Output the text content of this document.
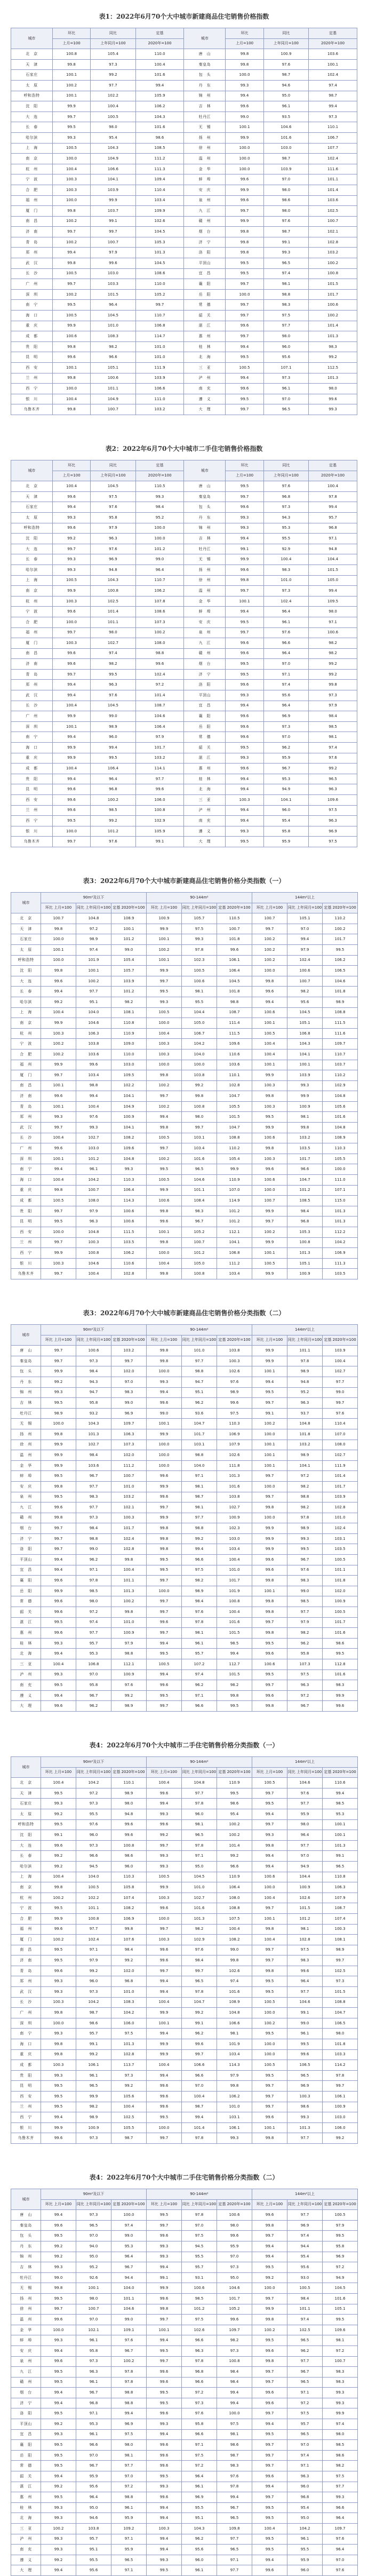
表1：2022年6月70个大中城市新建商品住宅销售价格指数
城市	环比	同比	定基	城市	环比	同比	定基
	上月=100	上年同月=100	2020年=100		上月=100	上年同月=100	2020年=100
北　京	100.8	105.4	110.0	唐　山	99.8	100.9	103.6
天　津	99.8	97.3	100.4	秦皇岛	99.8	97.6	100.1
石家庄	100.1	99.2	101.6	包　头	100.0	98.7	102.4
太　原	100.2	97.7	99.4	丹　东	99.3	94.6	97.4
呼和浩特	100.1	102.2	105.9	锦　州	99.4	95.0	98.7
沈　阳	99.9	100.4	106.2	吉　林	99.6	96.1	99.4
大　连	99.7	100.5	104.3	牡丹江	99.0	93.5	97.3
长　春	99.5	98.0	101.6	无　锡	100.1	104.6	110.1
哈尔滨	99.3	95.4	98.6	扬　州	99.9	101.6	106.7
上　海	100.5	104.3	108.5	徐　州	100.0	103.0	107.7
南　京	100.0	104.9	111.2	温　州	100.0	98.7	102.4
杭　州	100.4	106.6	111.3	金　华	100.0	103.9	111.6
宁　波	100.3	104.1	109.4	蚌　埠	99.6	97.0	101.1
合　肥	100.3	103.9	110.4	安　庆	99.9	98.0	101.4
福　州	100.0	99.9	103.4	泉　州	99.6	98.6	103.6
厦　门	99.8	103.7	109.9	九　江	99.7	98.0	102.5
南　昌	100.2	99.1	102.6	赣　州	99.9	97.6	100.7
济　南	99.7	99.7	104.5	烟　台	99.8	98.7	102.1
青　岛	100.2	100.7	105.3	济　宁	99.8	99.1	102.8
郑　州	99.4	97.9	101.3	洛　阳	99.8	99.3	103.2
武　汉	99.8	99.6	104.5	平顶山	99.5	96.5	100.2
长　沙	100.5	103.0	108.6	宜　昌	99.5	97.4	100.8
广　州	99.7	103.3	110.0	襄　阳	99.7	98.1	101.5
深　圳	100.2	101.5	105.2	岳　阳	100.0	98.8	101.7
南　宁	99.5	96.4	99.7	常　德	99.7	98.3	100.6
海　口	100.5	104.5	110.7	韶　关	99.7	97.5	100.2
重　庆	99.9	101.0	106.8	湛　江	99.6	97.7	101.4
成　都	100.6	108.3	114.7	惠　州	99.7	98.0	101.3
贵　阳	99.8	98.2	101.0	桂　林	99.4	96.0	98.3
昆　明	99.6	96.6	101.0	北　海	99.5	95.6	99.2
西　安	100.1	105.1	111.9	三　亚	100.5	107.1	112.5
兰　州	99.8	100.6	103.9	泸　州	99.4	97.3	101.3
西　宁	100.0	101.1	106.6	南　充	99.6	96.1	98.0
银　川	100.4	104.9	111.0	遵　义	99.5	97.0	99.6
乌鲁木齐	99.8	100.7	103.2	大　理	99.7	96.5	99.3
表2：2022年6月70个大中城市二手住宅销售价格指数
城市	环比	同比	定基	城市	环比	同比	定基
	上月=100	上年同月=100	2020年=100		上月=100	上年同月=100	2020年=100
北　京	100.4	104.5	110.5	唐　山	99.5	97.6	100.4
天　津	99.6	97.5	99.3	秦皇岛	99.7	96.8	97.8
石家庄	99.4	97.6	98.4	包　头	99.6	97.3	99.4
太　原	99.3	95.8	95.2	丹　东	99.3	94.3	95.7
呼和浩特	99.6	97.9	100.0	锦　州	99.3	95.3	96.8
沈　阳	99.2	96.3	100.0	吉　林	99.4	95.5	97.1
大　连	99.7	97.6	101.2	牡丹江	99.1	92.9	94.8
长　春	99.3	96.9	99.0	无　锡	99.9	100.4	104.4
哈尔滨	99.3	94.8	96.4	扬　州	99.6	98.3	101.5
上　海	100.5	104.3	110.7	徐　州	99.8	101.0	105.0
南　京	99.9	100.8	106.2	温　州	99.7	97.3	99.4
杭　州	100.3	102.5	107.8	金　华	100.1	102.4	109.5
宁　波	99.6	101.4	108.6	蚌　埠	99.4	96.4	98.0
合　肥	100.0	101.1	107.3	安　庆	99.5	96.1	97.1
福　州	99.7	98.0	100.2	泉　州	99.7	97.6	100.6
厦　门	100.3	102.7	108.0	九　江	99.6	96.6	98.2
南　昌	99.6	97.4	98.8	赣　州	99.6	96.4	98.2
济　南	99.6	98.2	99.6	烟　台	99.5	97.0	99.2
青　岛	99.7	99.5	102.4	济　宁	99.5	97.1	99.2
郑　州	99.4	96.3	97.2	洛　阳	99.6	97.4	99.8
武　汉	99.4	97.6	101.4	平顶山	99.3	95.6	97.3
长　沙	100.4	104.5	108.7	宜　昌	99.4	96.4	97.9
广　州	99.9	99.0	104.6	襄　阳	99.6	96.9	98.4
深　圳	100.1	98.9	106.4	岳　阳	99.6	97.3	98.5
南　宁	99.4	96.0	97.9	常　德	99.6	97.0	98.1
海　口	99.9	99.4	101.7	韶　关	99.5	96.2	97.4
重　庆	99.9	99.5	103.2	湛　江	99.3	95.9	97.6
成　都	100.4	106.4	114.1	惠　州	99.6	96.7	99.2
贵　阳	99.4	96.4	97.7	桂　林	99.4	95.3	96.5
昆　明	99.6	96.8	99.6	北　海	99.4	94.9	96.3
西　安	99.6	100.2	106.0	三　亚	100.3	104.1	109.6
兰　州	99.6	98.5	100.8	泸　州	99.4	96.0	97.5
西　宁	99.5	99.2	102.9	南　充	99.4	95.4	96.3
银　川	100.0	101.2	105.9	遵　义	99.3	95.8	96.9
乌鲁木齐	99.7	97.6	99.1	大　理	99.5	95.9	97.5
表3：2022年6月70个大中城市新建商品住宅销售价格分类指数（一）
城市	90m²及以下			90-144m²			144m²以上		
	环比 上月=100	同比 上年同月=100	定基 2020年=100	环比 上月=100	同比 上年同月=100	定基 2020年=100	环比 上月=100	同比 上年同月=100	定基 2020年=100
北　京	100.7	104.8	108.9	100.9	105.7	110.5	100.7	105.1	110.2
天　津	99.8	97.2	100.1	99.9	97.5	100.7	99.7	97.0	100.2
石家庄	100.0	98.9	101.2	100.1	99.3	101.8	100.2	99.4	101.7
太　原	100.1	97.4	99.0	100.2	97.8	99.6	100.2	97.9	99.5
呼和浩特	100.0	101.9	105.4	100.1	102.3	106.1	100.2	102.4	106.2
沈　阳	99.8	100.1	105.7	99.9	100.5	106.4	100.0	100.6	106.5
大　连	99.6	100.2	103.9	99.7	100.6	104.5	99.8	100.7	104.6
长　春	99.4	97.7	101.2	99.5	98.1	101.8	99.6	98.2	101.8
哈尔滨	99.2	95.1	98.2	99.3	95.5	98.8	99.4	95.6	98.9
上　海	100.4	104.0	108.1	100.5	104.4	108.7	100.6	104.5	108.8
南　京	99.9	104.6	110.8	100.0	105.0	111.4	100.1	105.1	111.5
杭　州	100.3	106.3	110.9	100.4	106.7	111.5	100.5	106.8	111.6
宁　波	100.2	103.8	109.0	100.3	104.2	109.6	100.4	104.3	109.7
合　肥	100.2	103.6	110.0	100.3	104.0	110.6	100.4	104.1	110.7
福　州	99.9	99.6	103.0	100.0	100.0	103.6	100.1	100.1	103.7
厦　门	99.7	103.4	109.5	99.8	103.8	110.1	99.9	103.9	110.2
南　昌	100.1	98.8	102.2	100.2	99.2	102.8	100.3	99.3	102.9
济　南	99.6	99.4	104.1	99.7	99.8	104.7	99.8	99.9	104.8
青　岛	100.1	100.4	104.9	100.2	100.8	105.5	100.3	100.9	105.6
郑　州	99.3	97.6	100.9	99.4	98.0	101.5	99.5	98.1	101.6
武　汉	99.7	99.3	104.1	99.8	99.7	104.7	99.9	99.8	104.8
长　沙	100.4	102.7	108.2	100.5	103.1	108.8	100.6	103.2	108.9
广　州	99.6	103.0	109.6	99.7	103.4	110.2	99.8	103.5	110.3
深　圳	100.1	101.2	104.8	100.2	101.6	105.4	100.3	101.7	105.5
南　宁	99.4	96.1	99.3	99.5	96.5	99.9	99.6	96.6	100.0
海　口	100.4	104.2	110.3	100.5	104.6	110.9	100.6	104.7	111.0
重　庆	99.8	100.7	106.4	99.9	101.1	107.0	100.0	101.2	107.1
成　都	100.5	108.0	114.3	100.6	108.4	114.9	100.7	108.5	115.0
贵　阳	99.7	97.9	100.6	99.8	98.3	101.2	99.9	98.4	101.3
昆　明	99.5	96.3	100.6	99.6	96.7	101.2	99.7	96.8	101.3
西　安	100.0	104.8	111.5	100.1	105.2	112.1	100.2	105.3	112.2
兰　州	99.7	100.3	103.5	99.8	100.7	104.1	99.9	100.8	104.2
西　宁	99.9	100.8	106.2	100.0	101.2	106.8	100.1	101.3	106.9
银　川	100.3	104.6	110.6	100.4	105.0	111.2	100.5	105.1	111.3
乌鲁木齐	99.7	100.4	102.8	99.8	100.8	103.4	99.9	100.9	103.5
表3：2022年6月70个大中城市新建商品住宅销售价格分类指数（二）
城市	90m²及以下			90-144m²			144m²以上		
	环比 上月=100	同比 上年同月=100	定基 2020年=100	环比 上月=100	同比 上年同月=100	定基 2020年=100	环比 上月=100	同比 上年同月=100	定基 2020年=100
唐　山	99.7	100.6	103.2	99.8	101.0	103.8	99.9	101.1	103.9
秦皇岛	99.7	97.3	99.7	99.8	97.7	100.3	99.9	97.8	100.4
包　头	99.9	98.4	102.0	100.0	98.8	102.6	100.1	98.9	102.7
丹　东	99.2	94.3	97.0	99.3	94.7	97.6	99.4	94.8	97.7
锦　州	99.3	94.7	98.3	99.4	95.1	98.9	99.5	95.2	99.0
吉　林	99.5	95.8	99.0	99.6	96.2	99.6	99.7	96.3	99.7
牡丹江	98.9	93.2	96.9	99.0	93.6	97.5	99.1	93.7	97.6
无　锡	100.0	104.3	109.7	100.1	104.7	110.3	100.2	104.8	110.4
扬　州	99.8	101.3	106.3	99.9	101.7	106.9	100.0	101.8	107.0
徐　州	99.9	102.7	107.3	100.0	103.1	107.9	100.1	103.2	108.0
温　州	99.9	98.4	102.0	100.0	98.8	102.6	100.1	98.9	102.7
金　华	99.9	103.6	111.2	100.0	104.0	111.8	100.1	104.1	111.9
蚌　埠	99.5	96.7	100.7	99.6	97.1	101.3	99.7	97.2	101.4
安　庆	99.8	97.7	101.0	99.9	98.1	101.6	100.0	98.2	101.7
泉　州	99.5	98.3	103.2	99.6	98.7	103.8	99.7	98.8	103.9
九　江	99.6	97.7	102.1	99.7	98.1	102.7	99.8	98.2	102.8
赣　州	99.8	97.3	100.3	99.9	97.7	100.9	100.0	97.8	101.0
烟　台	99.7	98.4	101.7	99.8	98.8	102.3	99.9	98.9	102.4
济　宁	99.7	98.8	102.4	99.8	99.2	103.0	99.9	99.3	103.1
洛　阳	99.7	99.0	102.8	99.8	99.4	103.4	99.9	99.5	103.5
平顶山	99.4	96.2	99.8	99.5	96.6	100.4	99.6	96.7	100.5
宜　昌	99.4	97.1	100.4	99.5	97.5	101.0	99.6	97.6	101.1
襄　阳	99.6	97.8	101.1	99.7	98.2	101.7	99.8	98.3	101.8
岳　阳	99.9	98.5	101.3	100.0	98.9	101.9	100.1	99.0	102.0
常　德	99.6	98.0	100.2	99.7	98.4	100.8	99.8	98.5	100.9
韶　关	99.6	97.2	99.8	99.7	97.6	100.4	99.8	97.7	100.5
湛　江	99.5	97.4	101.0	99.6	97.8	101.6	99.7	97.9	101.7
惠　州	99.6	97.7	100.9	99.7	98.1	101.5	99.8	98.2	101.6
桂　林	99.3	95.7	97.9	99.4	96.1	98.5	99.5	96.2	98.6
北　海	99.4	95.3	98.8	99.5	95.7	99.4	99.6	95.8	99.5
三　亚	100.4	106.8	112.1	100.5	107.2	112.7	100.6	107.3	112.8
泸　州	99.3	97.0	100.9	99.4	97.4	101.5	99.5	97.5	101.6
南　充	99.5	95.8	97.6	99.6	96.2	98.2	99.7	96.3	98.3
遵　义	99.4	96.7	99.2	99.5	97.1	99.8	99.6	97.2	99.9
大　理	99.6	96.2	98.9	99.7	96.6	99.5	99.8	96.7	99.6
表4：2022年6月70个大中城市二手住宅销售价格分类指数（一）
城市	90m²及以下			90-144m²			144m²以上		
	环比 上月=100	同比 上年同月=100	定基 2020年=100	环比 上月=100	同比 上年同月=100	定基 2020年=100	环比 上月=100	同比 上年同月=100	定基 2020年=100
北　京	100.4	104.2	110.1	100.4	104.8	110.9	100.5	104.6	110.6
天　津	99.5	97.2	98.9	99.6	97.7	99.5	99.7	97.6	99.4
石家庄	99.3	97.3	98.0	99.4	97.8	98.6	99.5	97.7	98.5
太　原	99.2	95.5	94.8	99.3	96.0	95.4	99.4	95.9	95.3
呼和浩特	99.5	97.6	99.6	99.6	98.1	100.2	99.7	98.0	100.1
沈　阳	99.1	96.0	99.6	99.2	96.5	100.2	99.3	96.4	100.1
大　连	99.6	97.3	100.8	99.7	97.8	101.4	99.8	97.7	101.3
长　春	99.2	96.6	98.6	99.3	97.1	99.2	99.4	97.0	99.1
哈尔滨	99.2	94.5	96.0	99.3	95.0	96.6	99.4	94.9	96.5
上　海	100.4	104.0	110.3	100.5	104.5	110.9	100.6	104.4	110.8
南　京	99.8	100.5	105.8	99.9	101.0	106.4	100.0	100.9	106.3
杭　州	100.2	102.2	107.4	100.3	102.7	108.0	100.4	102.6	107.9
宁　波	99.5	101.1	108.2	99.6	101.6	108.8	99.7	101.5	108.7
合　肥	99.9	100.8	106.9	100.0	101.3	107.5	100.1	101.2	107.4
福　州	99.6	97.7	99.8	99.7	98.2	100.4	99.8	98.1	100.3
厦　门	100.2	102.4	107.6	100.3	102.9	108.2	100.4	102.8	108.1
南　昌	99.5	97.1	98.4	99.6	97.6	99.0	99.7	97.5	98.9
济　南	99.5	97.9	99.2	99.6	98.4	99.8	99.7	98.3	99.7
青　岛	99.6	99.2	102.0	99.7	99.7	102.6	99.8	99.6	102.5
郑　州	99.3	96.0	96.8	99.4	96.5	97.4	99.5	96.4	97.3
武　汉	99.3	97.3	101.0	99.4	97.8	101.6	99.5	97.7	101.5
长　沙	100.3	104.2	108.3	100.4	104.7	108.9	100.5	104.6	108.8
广　州	99.8	98.7	104.2	99.9	99.2	104.8	100.0	99.1	104.7
深　圳	100.0	98.6	106.0	100.1	99.1	106.6	100.2	99.0	106.5
南　宁	99.3	95.7	97.5	99.4	96.2	98.1	99.5	96.1	98.0
海　口	99.8	99.1	101.3	99.9	99.6	101.9	100.0	99.5	101.8
重　庆	99.8	99.2	102.8	99.9	99.7	103.4	100.0	99.6	103.3
成　都	100.3	106.1	113.7	100.4	106.6	114.3	100.5	106.5	114.2
贵　阳	99.3	96.1	97.3	99.4	96.6	97.9	99.5	96.5	97.8
昆　明	99.5	96.5	99.2	99.6	97.0	99.8	99.7	96.9	99.7
西　安	99.5	99.9	105.6	99.6	100.4	106.2	99.7	100.3	106.1
兰　州	99.5	98.2	100.4	99.6	98.7	101.0	99.7	98.6	100.9
西　宁	99.4	98.9	102.5	99.5	99.4	103.1	99.6	99.3	103.0
银　川	99.9	100.9	105.5	100.0	101.4	106.1	100.1	101.3	106.0
乌鲁木齐	99.6	97.3	98.7	99.7	97.8	99.3	99.8	97.7	99.2
表4：2022年6月70个大中城市二手住宅销售价格分类指数（二）
城市	90m²及以下			90-144m²			144m²以上		
	环比 上月=100	同比 上年同月=100	定基 2020年=100	环比 上月=100	同比 上年同月=100	定基 2020年=100	环比 上月=100	同比 上年同月=100	定基 2020年=100
唐　山	99.4	97.3	100.0	99.5	97.8	100.6	99.6	97.7	100.5
秦皇岛	99.6	96.5	97.4	99.7	97.0	98.0	99.8	96.9	97.9
包　头	99.5	97.0	99.0	99.6	97.5	99.6	99.7	97.4	99.5
丹　东	99.2	94.0	95.3	99.3	94.5	95.9	99.4	94.4	95.8
锦　州	99.2	95.0	96.4	99.3	95.5	97.0	99.4	95.4	96.9
吉　林	99.3	95.2	96.7	99.4	95.7	97.3	99.5	95.6	97.2
牡丹江	99.0	92.6	94.4	99.1	93.1	95.0	99.2	93.0	94.9
无　锡	99.8	100.1	104.0	99.9	100.6	104.6	100.0	100.5	104.5
扬　州	99.5	98.0	101.1	99.6	98.5	101.7	99.7	98.4	101.6
徐　州	99.7	100.7	104.6	99.8	101.2	105.2	99.9	101.1	105.1
温　州	99.6	97.0	99.0	99.7	97.5	99.6	99.8	97.4	99.5
金　华	100.0	102.1	109.1	100.1	102.6	109.7	100.2	102.5	109.6
蚌　埠	99.3	96.1	97.6	99.4	96.6	98.2	99.5	96.5	98.1
安　庆	99.4	95.8	96.7	99.5	96.3	97.3	99.6	96.2	97.2
泉　州	99.6	97.3	100.2	99.7	97.8	100.8	99.8	97.7	100.7
九　江	99.5	96.3	97.8	99.6	96.8	98.4	99.7	96.7	98.3
赣　州	99.5	96.1	97.8	99.6	96.6	98.4	99.7	96.5	98.3
烟　台	99.4	96.7	98.8	99.5	97.2	99.4	99.6	97.1	99.3
济　宁	99.4	96.8	98.8	99.5	97.3	99.4	99.6	97.2	99.3
洛　阳	99.5	97.1	99.4	99.6	97.6	100.0	99.7	97.5	99.9
平顶山	99.2	95.3	96.9	99.3	95.8	97.5	99.4	95.7	97.4
宜　昌	99.3	96.1	97.5	99.4	96.6	98.1	99.5	96.5	98.0
襄　阳	99.5	96.6	98.0	99.6	97.1	98.6	99.7	97.0	98.5
岳　阳	99.5	97.0	98.1	99.6	97.5	98.7	99.7	97.4	98.6
常　德	99.5	96.7	97.7	99.6	97.2	98.3	99.7	97.1	98.2
韶　关	99.4	95.9	97.0	99.5	96.4	97.6	99.6	96.3	97.5
湛　江	99.2	95.6	97.2	99.3	96.1	97.8	99.4	96.0	97.7
惠　州	99.5	96.4	98.8	99.6	96.9	99.4	99.7	96.8	99.3
桂　林	99.3	95.0	96.1	99.4	95.5	96.7	99.5	95.4	96.6
北　海	99.3	94.6	95.9	99.4	95.1	96.5	99.5	95.0	96.4
三　亚	100.2	103.8	109.2	100.3	104.3	109.8	100.4	104.2	109.7
泸　州	99.3	95.7	97.1	99.4	96.2	97.7	99.5	96.1	97.6
南　充	99.3	95.1	95.9	99.4	95.6	96.5	99.5	95.5	96.4
遵　义	99.2	95.5	96.5	99.3	96.0	97.1	99.4	95.9	97.0
大　理	99.4	95.6	97.1	99.5	96.1	97.7	99.6	96.0	97.6
